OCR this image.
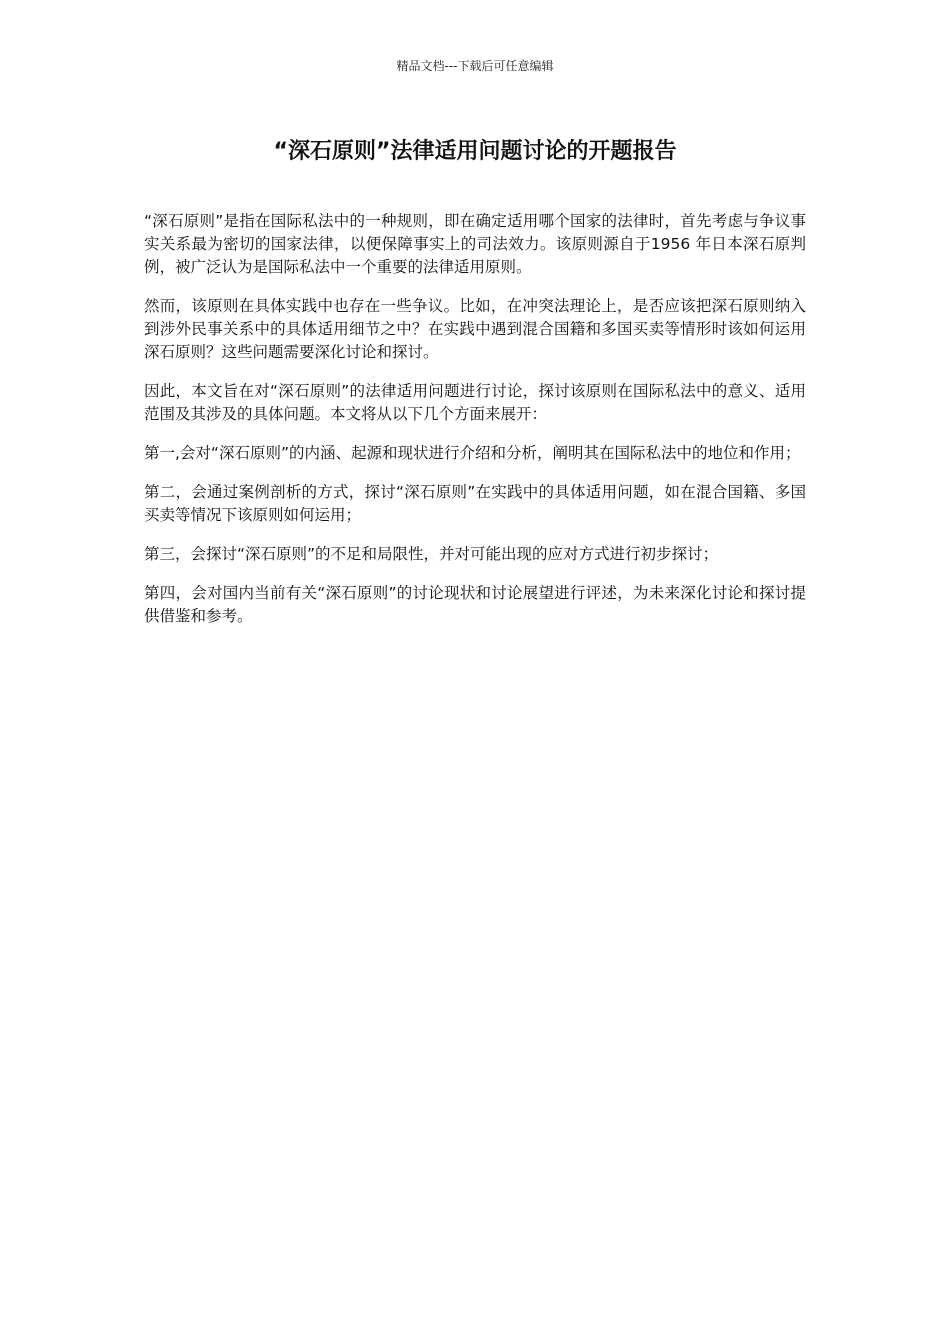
精品文档---下载后可任意编辑
“深石原则”法律适用问题讨论的开题报告

“深石原则”是指在国际私法中的一种规则，即在确定适用哪个国家的法律时，首先考虑与争议事实关系最为密切的国家法律，以便保障事实上的司法效力。该原则源自于1956 年日本深石原判例，被广泛认为是国际私法中一个重要的法律适用原则。

然而，该原则在具体实践中也存在一些争议。比如，在冲突法理论上，是否应该把深石原则纳入到涉外民事关系中的具体适用细节之中？在实践中遇到混合国籍和多国买卖等情形时该如何运用深石原则？这些问题需要深化讨论和探讨。

因此，本文旨在对“深石原则”的法律适用问题进行讨论，探讨该原则在国际私法中的意义、适用范围及其涉及的具体问题。本文将从以下几个方面来展开：

第一,会对“深石原则”的内涵、起源和现状进行介绍和分析，阐明其在国际私法中的地位和作用；

第二，会通过案例剖析的方式，探讨“深石原则”在实践中的具体适用问题，如在混合国籍、多国买卖等情况下该原则如何运用；

第三，会探讨“深石原则”的不足和局限性，并对可能出现的应对方式进行初步探讨；

第四，会对国内当前有关“深石原则”的讨论现状和讨论展望进行评述，为未来深化讨论和探讨提供借鉴和参考。
